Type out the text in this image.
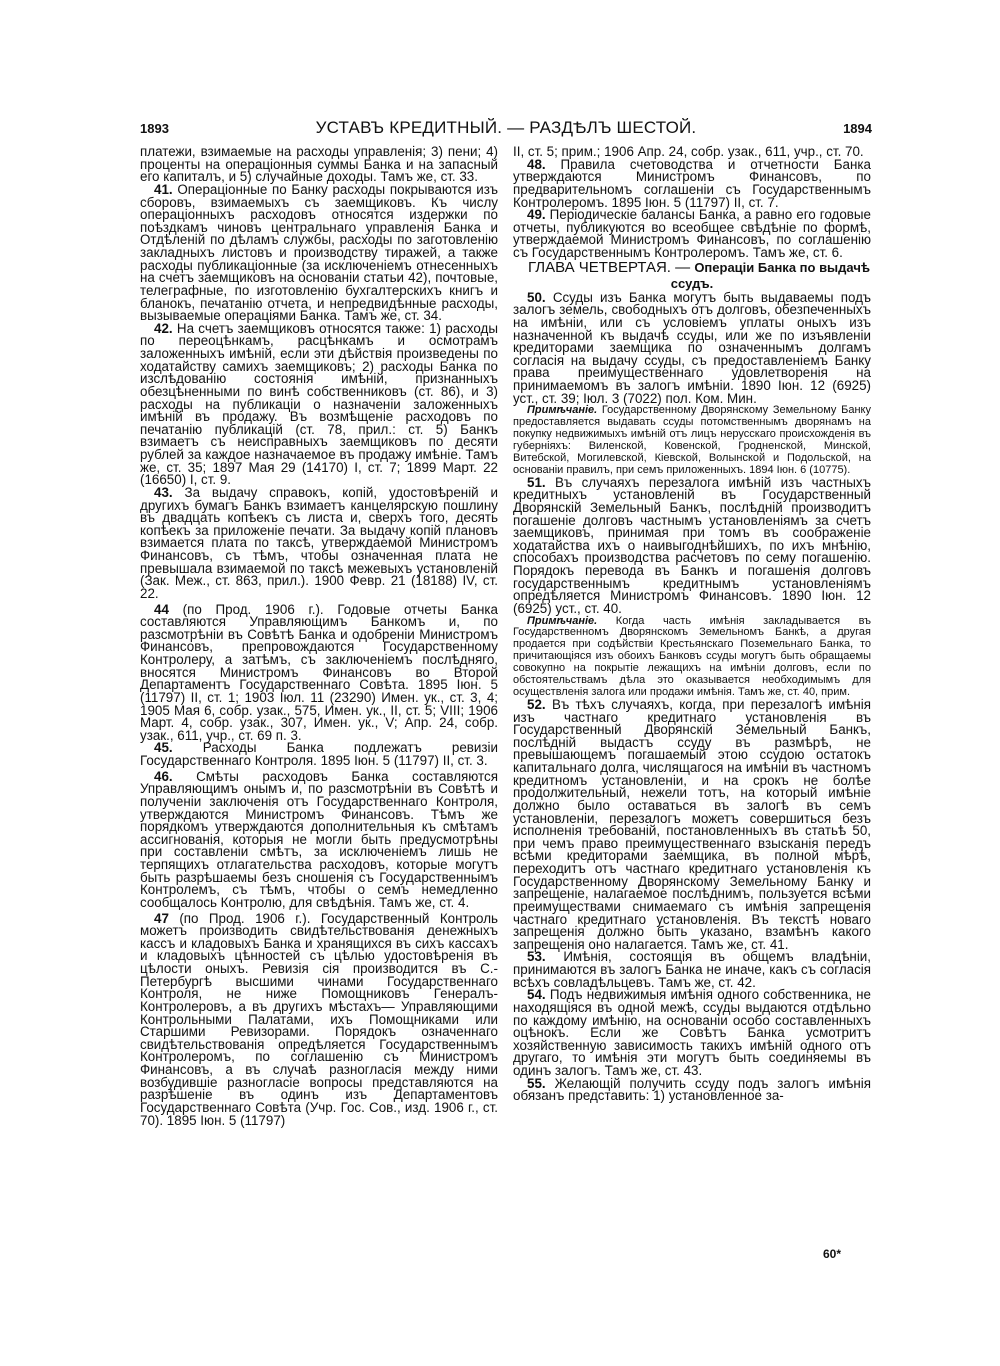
1893	УСТАВЪ КРЕДИТНЫЙ. — РАЗДѢЛЪ ШЕСТОЙ.	1894

платежи, взимаемые на расходы управленія; 3) пени; 4) проценты на операціонныя суммы Банка и на запасный его капиталъ, и 5) случайные доходы. Тамъ же, ст. 33.

41. Операціонные по Банку расходы покрываются изъ сборовъ, взимаемыхъ съ заемщиковъ. Къ числу операціонныхъ расходовъ относятся издержки по поѣздкамъ чиновъ центральнаго управленія Банка и Отдѣленій по дѣламъ службы, расходы по заготовленію закладныхъ листовъ и производству тиражей, а также расходы публикаціонные (за исключеніемъ отнесенныхъ на счетъ заемщиковъ на основаніи статьи 42), почтовые, телеграфные, по изготовленію бухгалтерскихъ книгъ и бланокъ, печатанію отчета, и непредвидѣнные расходы, вызываемые операціями Банка. Тамъ же, ст. 34.

42. На счетъ заемщиковъ относятся также: 1) расходы по переоцѣнкамъ, расцѣнкамъ и осмотрамъ заложенныхъ имѣній, если эти дѣйствія произведены по ходатайству самихъ заемщиковъ; 2) расходы Банка по изслѣдованію состоянія имѣній, признанныхъ обезцѣненными по винѣ собственниковъ (ст. 86), и 3) расходы на публикаціи о назначеніи заложенныхъ имѣній въ продажу. Въ возмѣщеніе расходовъ по печатанію публикацій (ст. 78, прил.: ст. 5) Банкъ взимаетъ съ неисправныхъ заемщиковъ по десяти рублей за каждое назначаемое въ продажу имѣніе. Тамъ же, ст. 35; 1897 Мая 29 (14170) I, ст. 7; 1899 Март. 22 (16650) I, ст. 9.

43. За выдачу справокъ, копій, удостовѣреній и другихъ бумагъ Банкъ взимаетъ канцелярскую пошлину въ двадцать копѣекъ съ листа и, сверхъ того, десять копѣекъ за приложеніе печати. За выдачу копій плановъ взимается плата по таксѣ, утверждаемой Министромъ Финансовъ, съ тѣмъ, чтобы означенная плата не превышала взимаемой по таксѣ межевыхъ установленій (Зак. Меж., ст. 863, прил.). 1900 Февр. 21 (18188) IV, ст. 22.

44 (по Прод. 1906 г.). Годовые отчеты Банка составляются Управляющимъ Банкомъ и, по разсмотрѣніи въ Совѣтѣ Банка и одобреніи Министромъ Финансовъ, препровождаются Государственному Контролеру, а затѣмъ, съ заключеніемъ послѣдняго, вносятся Министромъ Финансовъ во Второй Департаментъ Государственнаго Совѣта. 1895 Іюн. 5 (11797) II, ст. 1; 1903 Іюл. 11 (23290) Имен. ук., ст. 3, 4; 1905 Мая 6, собр. узак., 575, Имен. ук., II, ст. 5; VIII; 1906 Март. 4, собр. узак., 307, Имен. ук., V; Апр. 24, собр. узак., 611, учр., ст. 69 п. 3.

45. Расходы Банка подлежатъ ревизіи Государственнаго Контроля. 1895 Іюн. 5 (11797) II, ст. 3.

46. Смѣты расходовъ Банка составляются Управляющимъ онымъ и, по разсмотрѣніи въ Совѣтѣ и полученіи заключенія отъ Государственнаго Контроля, утверждаются Министромъ Финансовъ. Тѣмъ же порядкомъ утверждаются дополнительныя къ смѣтамъ ассигнованія, которыя не могли быть предусмотрѣны при составленіи смѣтъ, за исключеніемъ лишь не терпящихъ отлагательства расходовъ, которые могутъ быть разрѣшаемы безъ сношенія съ Государственнымъ Контролемъ, съ тѣмъ, чтобы о семъ немедленно сообщалось Контролю, для свѣдѣнія. Тамъ же, ст. 4.

47 (по Прод. 1906 г.). Государственный Контроль можетъ производить свидѣтельствованія денежныхъ кассъ и кладовыхъ Банка и хранящихся въ сихъ кассахъ и кладовыхъ цѣнностей съ цѣлью удостовѣренія въ цѣлости оныхъ. Ревизія сія производится въ С.-Петербургѣ высшими чинами Государственнаго Контроля, не ниже Помощниковъ Генералъ-Контролеровъ, а въ другихъ мѣстахъ— Управляющими Контрольными Палатами, ихъ Помощниками или Старшими Ревизорами. Порядокъ означеннаго свидѣтельствованія опредѣляется Государственнымъ Контролеромъ, по соглашенію съ Министромъ Финансовъ, а въ случаѣ разногласія между ними возбудившіе разногласіе вопросы представляются на разрѣшеніе въ одинъ изъ Департаментовъ Государственнаго Совѣта (Учр. Гос. Сов., изд. 1906 г., ст. 70). 1895 Іюн. 5 (11797)

II, ст. 5; прим.; 1906 Апр. 24, собр. узак., 611, учр., ст. 70.

48. Правила счетоводства и отчетности Банка утверждаются Министромъ Финансовъ, по предварительномъ соглашеніи съ Государственнымъ Контролеромъ. 1895 Іюн. 5 (11797) II, ст. 7.

49. Періодическіе балансы Банка, а равно его годовые отчеты, публикуются во всеобщее свѣдѣніе по формѣ, утверждаемой Министромъ Финансовъ, по соглашенію съ Государственнымъ Контролеромъ. Тамъ же, ст. 6.

ГЛАВА ЧЕТВЕРТАЯ. — Операціи Банка по выдачѣ ссудъ.

50. Ссуды изъ Банка могутъ быть выдаваемы подъ залогъ земель, свободныхъ отъ долговъ, обезпеченныхъ на имѣніи, или съ условіемъ уплаты оныхъ изъ назначенной къ выдачѣ ссуды, или же по изъявленіи кредиторами заемщика по означеннымъ долгамъ согласія на выдачу ссуды, съ предоставленіемъ Банку права преимущественнаго удовлетворенія на принимаемомъ въ залогъ имѣніи. 1890 Іюн. 12 (6925) уст., ст. 39; Іюл. 3 (7022) пол. Ком. Мин.

Примѣчаніе. Государственному Дворянскому Земельному Банку предоставляется выдавать ссуды потомственнымъ дворянамъ на покупку недвижимыхъ имѣній отъ лицъ нерусскаго происхожденія въ губерніяхъ: Виленской, Ковенской, Гродненской, Минской, Витебской, Могилевской, Кіевской, Волынской и Подольской, на основаніи правилъ, при семъ приложенныхъ. 1894 Іюн. 6 (10775).

51. Въ случаяхъ перезалога имѣній изъ частныхъ кредитныхъ установленій въ Государственный Дворянскій Земельный Банкъ, послѣдній производитъ погашеніе долговъ частнымъ установленіямъ за счетъ заемщиковъ, принимая при томъ въ соображеніе ходатайства ихъ о наивыгоднѣйшихъ, по ихъ мнѣнію, способахъ производства расчетовъ по сему погашенію. Порядокъ перевода въ Банкъ и погашенія долговъ государственнымъ кредитнымъ установленіямъ опредѣляется Министромъ Финансовъ. 1890 Іюн. 12 (6925) уст., ст. 40.

Примѣчаніе. Когда часть имѣнія закладывается въ Государственномъ Дворянскомъ Земельномъ Банкѣ, а другая продается при содѣйствіи Крестьянскаго Поземельнаго Банка, то причитающіяся изъ обоихъ Банковъ ссуды могутъ быть обращаемы совокупно на покрытіе лежащихъ на имѣніи долговъ, если по обстоятельствамъ дѣла это оказывается необходимымъ для осуществленія залога или продажи имѣнія. Тамъ же, ст. 40, прим.

52. Въ тѣхъ случаяхъ, когда, при перезалогѣ имѣнія изъ частнаго кредитнаго установленія въ Государственный Дворянскій Земельный Банкъ, послѣдній выдастъ ссуду въ размѣрѣ, не превышающемъ погашаемый этою ссудою остатокъ капитальнаго долга, числящагося на имѣніи въ частномъ кредитномъ установленіи, и на срокъ не болѣе продолжительный, нежели тотъ, на который имѣніе должно было оставаться въ залогѣ въ семъ установленіи, перезалогъ можетъ совершиться безъ исполненія требованій, постановленныхъ въ статьѣ 50, при чемъ право преимущественнаго взысканія передъ всѣми кредиторами заемщика, въ полной мѣрѣ, переходитъ отъ частнаго кредитнаго установленія къ Государственному Дворянскому Земельному Банку и запрещеніе, налагаемое послѣднимъ, пользуется всѣми преимуществами снимаемаго съ имѣнія запрещенія частнаго кредитнаго установленія. Въ текстѣ новаго запрещенія должно быть указано, взамѣнъ какого запрещенія оно налагается. Тамъ же, ст. 41.

53. Имѣнія, состоящія въ общемъ владѣніи, принимаются въ залогъ Банка не иначе, какъ съ согласія всѣхъ совладѣльцевъ. Тамъ же, ст. 42.

54. Подъ недвижимыя имѣнія одного собственника, не находящіяся въ одной межѣ, ссуды выдаются отдѣльно по каждому имѣнію, на основаніи особо составленныхъ оцѣнокъ. Если же Совѣтъ Банка усмотритъ хозяйственную зависимость такихъ имѣній одного отъ другаго, то имѣнія эти могутъ быть соединяемы въ одинъ залогъ. Тамъ же, ст. 43.

55. Желающій получить ссуду подъ залогъ имѣнія обязанъ представить: 1) установленное за-

60*
